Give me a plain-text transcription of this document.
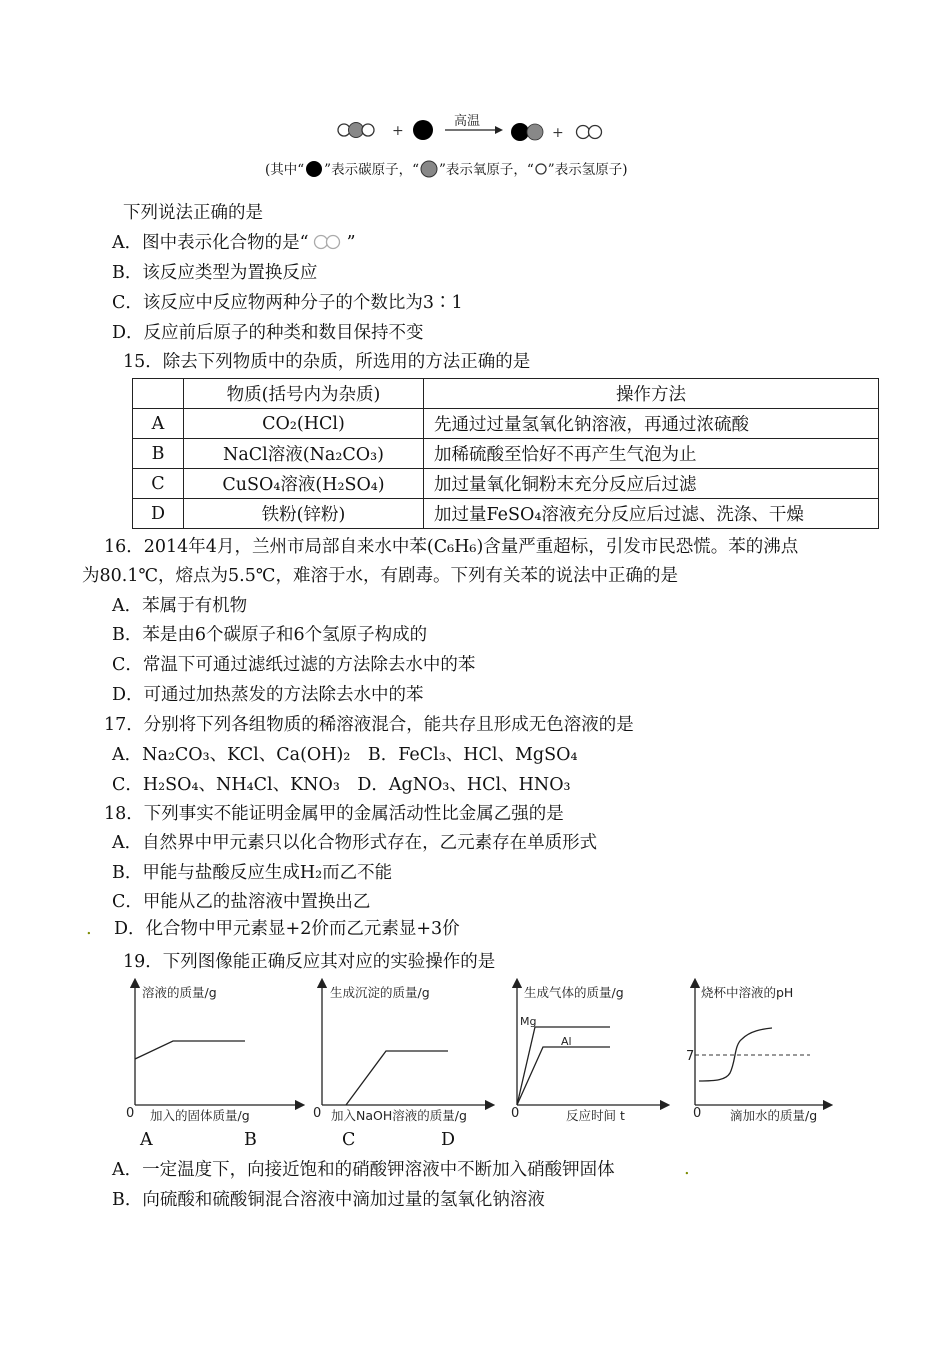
+
高温
+
(其中“ ”表示碳原子，“ ”表示氧原子，“ ”表示氢原子)
下列说法正确的是
A．图中表示化合物的是“ ”
B．该反应类型为置换反应
C．该反应中反应物两种分子的个数比为3∶1
D．反应前后原子的种类和数目保持不变
15．除去下列物质中的杂质，所选用的方法正确的是
	物质(括号内为杂质)	操作方法
A	CO₂(HCl)	先通过过量氢氧化钠溶液，再通过浓硫酸
B	NaCl溶液(Na₂CO₃)	加稀硫酸至恰好不再产生气泡为止
C	CuSO₄溶液(H₂SO₄)	加过量氧化铜粉末充分反应后过滤
D	铁粉(锌粉)	加过量FeSO₄溶液充分反应后过滤、洗涤、干燥
16．2014年4月，兰州市局部自来水中苯(C₆H₆)含量严重超标，引发市民恐慌。苯的沸点
为80.1℃，熔点为5.5℃，难溶于水，有剧毒。下列有关苯的说法中正确的是
A．苯属于有机物
B．苯是由6个碳原子和6个氢原子构成的
C．常温下可通过滤纸过滤的方法除去水中的苯
D．可通过加热蒸发的方法除去水中的苯
17．分别将下列各组物质的稀溶液混合，能共存且形成无色溶液的是
A．Na₂CO₃、KCl、Ca(OH)₂　B．FeCl₃、HCl、MgSO₄
C．H₂SO₄、NH₄Cl、KNO₃　D．AgNO₃、HCl、HNO₃
18．下列事实不能证明金属甲的金属活动性比金属乙强的是
A．自然界中甲元素只以化合物形式存在，乙元素存在单质形式
B．甲能与盐酸反应生成H₂而乙不能
C．甲能从乙的盐溶液中置换出乙
. D．化合物中甲元素显+2价而乙元素显+3价
19．下列图像能正确反应其对应的实验操作的是
溶液的质量/g
加入的固体质量/g
0
生成沉淀的质量/g
加入NaOH溶液的质量/g
0
Mg
Al
生成气体的质量/g
反应时间 t
0
7
烧杯中溶液的pH
滴加水的质量/g
0
A	B	C	D
A．一定温度下，向接近饱和的硝酸钾溶液中不断加入硝酸钾固体	.
B．向硫酸和硫酸铜混合溶液中滴加过量的氢氧化钠溶液
